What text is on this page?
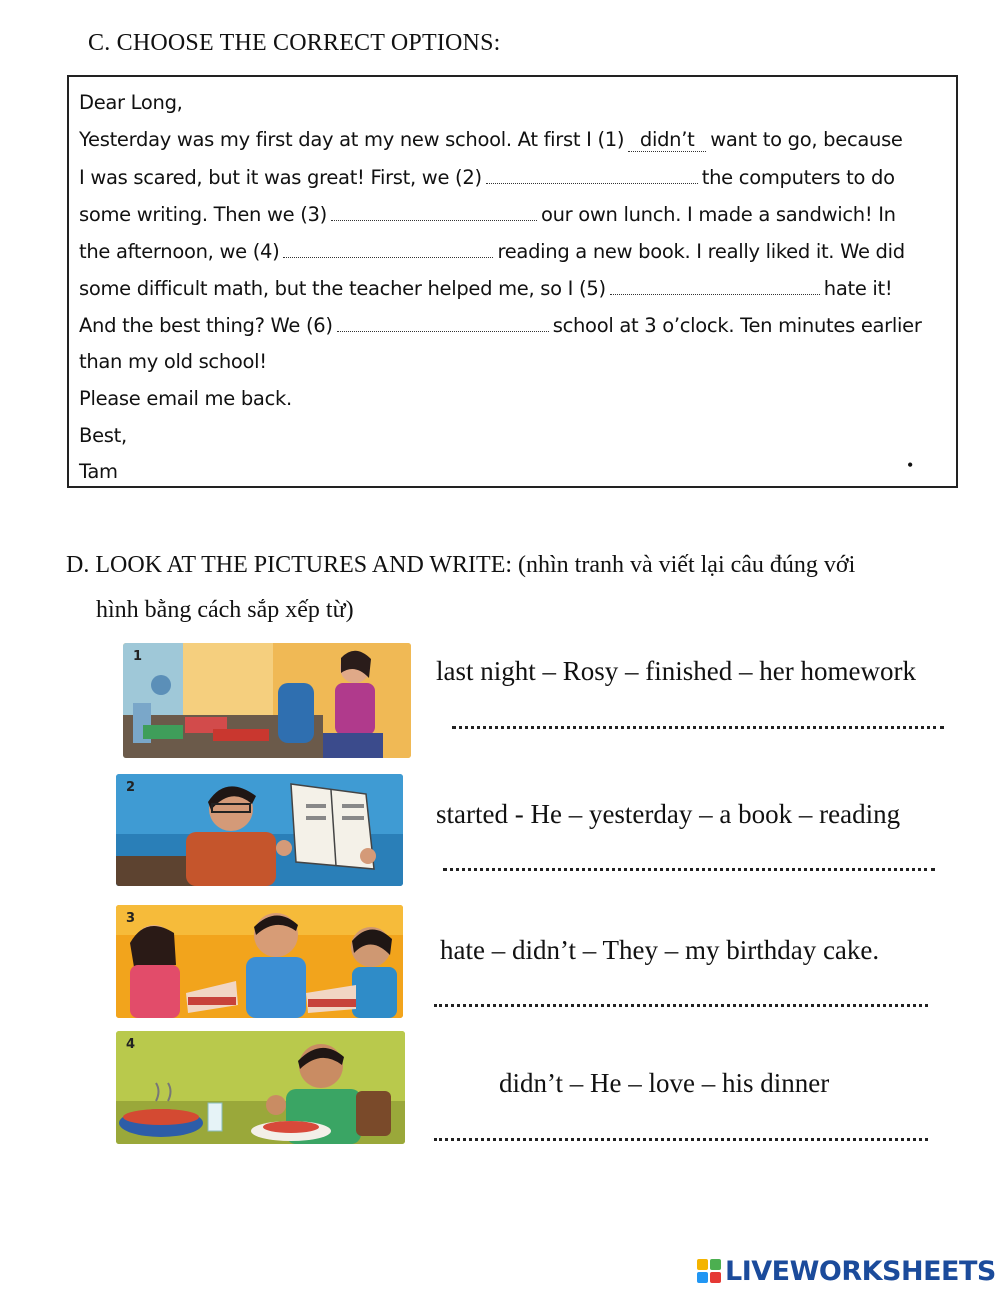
C. CHOOSE THE CORRECT OPTIONS:
Dear Long,
Yesterday was my first day at my new school. At first I (1) didn’t want to go, because
I was scared, but it was great! First, we (2)	the computers to do
some writing. Then we (3)	our own lunch. I made a sandwich! In
the afternoon, we (4)	reading a new book. I really liked it. We did
some difficult math, but the teacher helped me, so I (5)	hate it!
And the best thing? We (6)	school at 3 o’clock. Ten minutes earlier
than my old school!
Please email me back.
Best,
Tam	•
D. LOOK AT THE PICTURES AND WRITE: (nhìn tranh và viết lại câu đúng với
hình bằng cách sắp xếp từ)
1	last night – Rosy – finished – her homework
2
started - He – yesterday – a book – reading
3
hate – didn’t – They – my birthday cake.
4
didn’t – He – love – his dinner
LIVEWORKSHEETS
